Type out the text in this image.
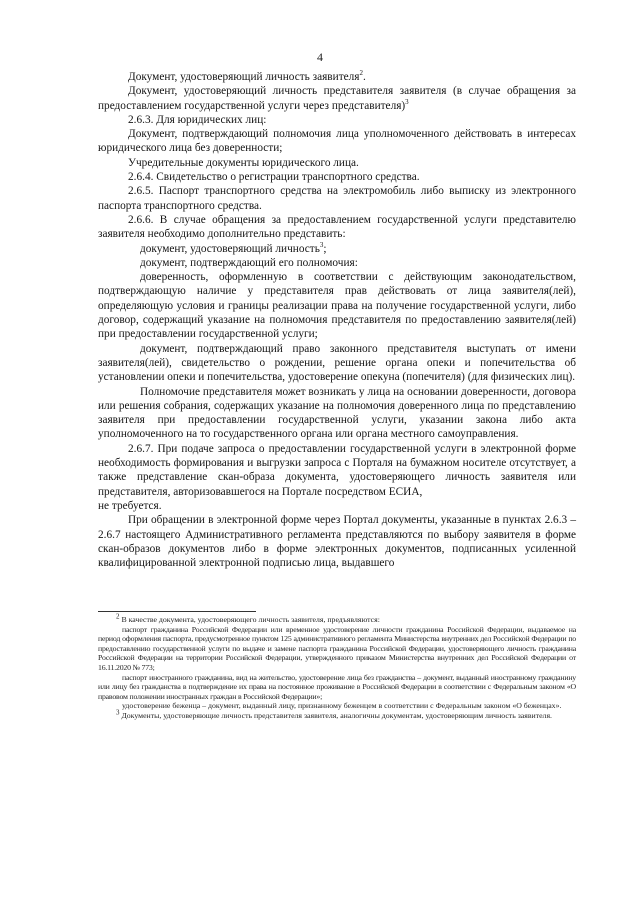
4

Документ, удостоверяющий личность заявителя$^2$.

Документ, удостоверяющий личность представителя заявителя (в случае обращения за предоставлением государственной услуги через представителя)$^3$

2.6.3. Для юридических лиц:

Документ, подтверждающий полномочия лица уполномоченного действовать в интересах юридического лица без доверенности;

Учредительные документы юридического лица.

2.6.4. Свидетельство о регистрации транспортного средства.

2.6.5. Паспорт транспортного средства на электромобиль либо выписку из электронного паспорта транспортного средства.

2.6.6. В случае обращения за предоставлением государственной услуги представителю заявителя необходимо дополнительно представить:

документ, удостоверяющий личность$^3$;

документ, подтверждающий его полномочия:

доверенность, оформленную в соответствии с действующим законодательством, подтверждающую наличие у представителя прав действовать от лица заявителя(лей), определяющую условия и границы реализации права на получение государственной услуги, либо договор, содержащий указание на полномочия представителя по предоставлению заявителя(лей) при предоставлении государственной услуги;

документ, подтверждающий право законного представителя выступать от имени заявителя(лей), свидетельство о рождении, решение органа опеки и попечительства об установлении опеки и попечительства, удостоверение опекуна (попечителя) (для физических лиц).

Полномочие представителя может возникать у лица на основании доверенности, договора или решения собрания, содержащих указание на полномочия доверенного лица по представлению заявителя при предоставлении государственной услуги, указании закона либо акта уполномоченного на то государственного органа или органа местного самоуправления.

2.6.7. При подаче запроса о предоставлении государственной услуги в электронной форме необходимость формирования и выгрузки запроса с Порталя на бумажном носителе отсутствует, а также представление скан-образа документа, удостоверяющего личность заявителя или представителя, авторизовавшегося на Портале посредством ЕСИА,

не требуется.

При обращении в электронной форме через Портал документы, указанные в пунктах 2.6.3 – 2.6.7 настоящего Административного регламента представляются по выбору заявителя в форме скан-образов документов либо в форме электронных документов, подписанных усиленной квалифицированной электронной подписью лица, выдавшего

$^2$ В качестве документа, удостоверяющего личность заявителя, предъявляются:

паспорт гражданина Российской Федерации или временное удостоверение личности гражданина Российской Федерации, выдаваемое на период оформления паспорта, предусмотренное пунктом 125 административного регламента Министерства внутренних дел Российской Федерации по предоставлению государственной услуги по выдаче и замене паспорта гражданина Российской Федерации, удостоверяющего личность гражданина Российской Федерации на территории Российской Федерации, утвержденного приказом Министерства внутренних дел Российской Федерации от 16.11.2020 № 773;

паспорт иностранного гражданина, вид на жительство, удостоверение лица без гражданства – документ, выданный иностранному гражданину или лицу без гражданства в подтверждение их права на постоянное проживание в Российской Федерации в соответствии с Федеральным законом «О правовом положении иностранных граждан в Российской Федерации»;

удостоверение беженца – документ, выданный лицу, признанному беженцем в соответствии с Федеральным законом «О беженцах».

$^3$ Документы, удостоверяющие личность представителя заявителя, аналогичны документам, удостоверяющим личность заявителя.
